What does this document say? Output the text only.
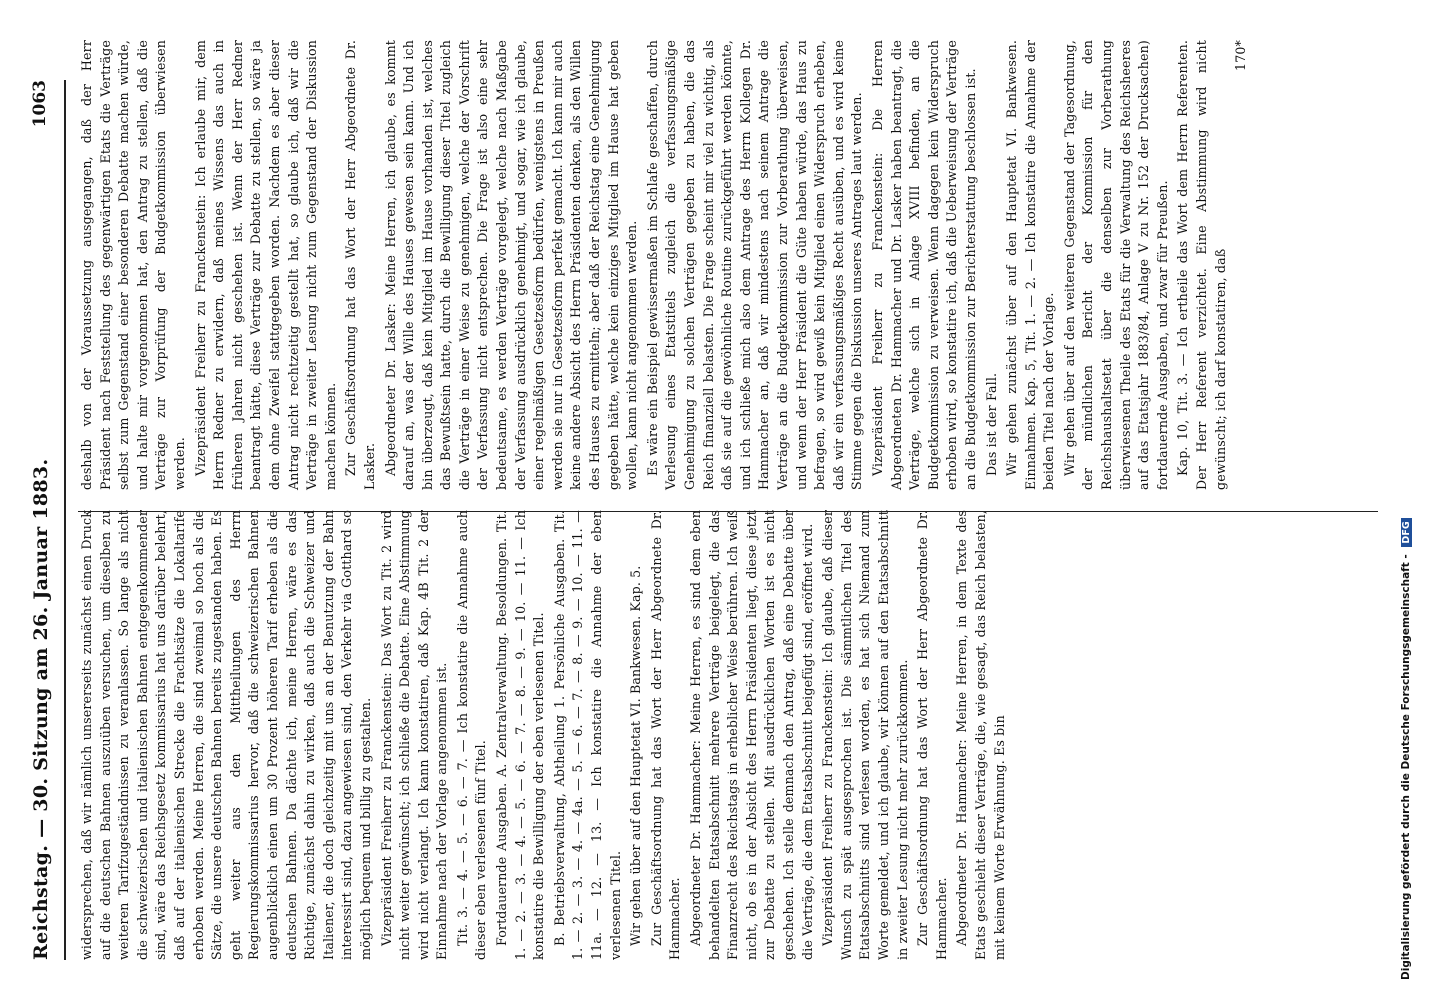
Reichstag. — 30. Sitzung am 26. Januar 1883.
1063

widersprechen, daß wir nämlich unsererseits zunächst einen Druck auf die deutschen Bahnen auszuüben versuchen, um dieselben zu weiteren Tarifzugeständnissen zu veranlassen. So lange als nicht die schweizerischen und italienischen Bahnen entgegenkommender sind, wäre das Reichsgesetz kommissarius hat uns darüber belehrt, daß auf der italienischen Strecke die Frachtsätze die Lokaltarife erhoben werden. Meine Herren, die sind zweimal so hoch als die Sätze, die unsere deutschen Bahnen bereits zugestanden haben. Es geht weiter aus den Mittheilungen des Herrn Regierungskommissarius hervor, daß die schweizerischen Bahnen augenblicklich einen um 30 Prozent höheren Tarif erheben als die deutschen Bahnen. Da dächte ich, meine Herren, wäre es das Richtige, zunächst dahin zu wirken, daß auch die Schweizer und Italiener, die doch gleichzeitig mit uns an der Benutzung der Bahn interessirt sind, dazu angewiesen sind, den Verkehr via Gotthard so möglich bequem und billig zu gestalten. Vizepräsident Freiherr zu Franckenstein: Das Wort zu Tit. 2 wird nicht weiter gewünscht; ich schließe die Debatte. Eine Abstimmung wird nicht verlangt. Ich kann konstatiren, daß Kap. 4B Tit. 2 der Einnahme nach der Vorlage angenommen ist. Tit. 3. — 4. — 5. — 6. — 7. — Ich konstatire die Annahme auch dieser eben verlesenen fünf Titel. Fortdauernde Ausgaben. A. Zentralverwaltung. Besoldungen. Tit. 1. — 2. — 3. — 4. — 5. — 6. — 7. — 8. — 9. — 10. — 11. — Ich konstatire die Bewilligung der eben verlesenen Titel. B. Betriebsverwaltung, Abtheilung 1. Persönliche Ausgaben. Tit. 1. — 2. — 3. — 4. — 4a. — 5. — 6. — 7. — 8. — 9. — 10. — 11. — 11a. — 12. — 13. — Ich konstatire die Annahme der eben verlesenen Titel. Wir gehen über auf den Hauptetat VI. Bankwesen. Kap. 5. Zur Geschäftsordnung hat das Wort der Herr Abgeordnete Dr. Hammacher. Abgeordneter Dr. Hammacher: Meine Herren, es sind dem eben behandelten Etatsabschnitt mehrere Verträge beigelegt, die das Finanzrecht des Reichstags in erheblicher Weise berühren. Ich weiß nicht, ob es in der Absicht des Herrn Präsidenten liegt, diese jetzt zur Debatte zu stellen. Mit ausdrücklichen Worten ist es nicht geschehen. Ich stelle demnach den Antrag, daß eine Debatte über die Verträge, die dem Etatsabschnitt beigefügt sind, eröffnet wird. Vizepräsident Freiherr zu Franckenstein: Ich glaube, daß dieser Wunsch zu spät ausgesprochen ist. Die sämmtlichen Titel des Etatsabschnitts sind verlesen worden, es hat sich Niemand zum Worte gemeldet, und ich glaube, wir können auf den Etatsabschnitt in zweiter Lesung nicht mehr zurückkommen. Zur Geschäftsordnung hat das Wort der Herr Abgeordnete Dr. Hammacher. Abgeordneter Dr. Hammacher: Meine Herren, in dem Texte des Etats geschieht dieser Verträge, die, wie gesagt, das Reich belasten, mit keinem Worte Erwähnung. Es bin

deshalb von der Voraussetzung ausgegangen, daß der Herr Präsident nach Feststellung des gegenwärtigen Etats die Verträge selbst zum Gegenstand einer besonderen Debatte machen würde, und halte mir vorgenommen hat, den Antrag zu stellen, daß die Verträge zur Vorprüfung der Budgetkommission überwiesen werden. Vizepräsident Freiherr zu Franckenstein: Ich erlaube mir, dem Herrn Redner zu erwidern, daß meines Wissens das auch in früheren Jahren nicht geschehen ist. Wenn der Herr Redner beantragt hätte, diese Verträge zur Debatte zu stellen, so wäre ja dem ohne Zweifel stattgegeben worden. Nachdem es aber dieser Antrag nicht rechtzeitig gestellt hat, so glaube ich, daß wir die Verträge in zweiter Lesung nicht zum Gegenstand der Diskussion machen können. Zur Geschäftsordnung hat das Wort der Herr Abgeordnete Dr. Lasker. Abgeordneter Dr. Lasker: Meine Herren, ich glaube, es kommt darauf an, was der Wille des Hauses gewesen sein kann. Und ich bin überzeugt, daß kein Mitglied im Hause vorhanden ist, welches das Bewußtsein hatte, durch die Bewilligung dieser Titel zugleich die Verträge in einer Weise zu genehmigen, welche der Vorschrift der Verfassung nicht entsprechen. Die Frage ist also eine sehr bedeutsame, es werden Verträge vorgelegt, welche nach Maßgabe der Verfassung ausdrücklich genehmigt, und sogar, wie ich glaube, einer regelmäßigen Gesetzesform bedürfen, wenigstens in Preußen werden sie nur in Gesetzesform perfekt gemacht. Ich kann mir auch keine andere Absicht des Herrn Präsidenten denken, als den Willen des Hauses zu ermitteln; aber daß der Reichstag eine Genehmigung gegeben hätte, welche kein einziges Mitglied im Hause hat geben wollen, kann nicht angenommen werden. Es wäre ein Beispiel gewissermaßen im Schlafe geschaffen, durch Verlesung eines Etatstitels zugleich die verfassungsmäßige Genehmigung zu solchen Verträgen gegeben zu haben, die das Reich finanziell belasten. Die Frage scheint mir viel zu wichtig, als daß sie auf die gewöhnliche Routine zurückgeführt werden könnte, und ich schließe mich also dem Antrage des Herrn Kollegen Dr. Hammacher an, daß wir mindestens nach seinem Antrage die Verträge an die Budgetkommission zur Vorberathung überweisen, und wenn der Herr Präsident die Güte haben würde, das Haus zu befragen, so wird gewiß kein Mitglied einen Widerspruch erheben, daß wir ein verfassungsmäßiges Recht ausüben, und es wird keine Stimme gegen die Diskussion unseres Antrages laut werden. Vizepräsident Freiherr zu Franckenstein: Die Herren Abgeordneten Dr. Hammacher und Dr. Lasker haben beantragt, die Verträge, welche sich in Anlage XVIII befinden, an die Budgetkommission zu verweisen. Wenn dagegen kein Widerspruch erhoben wird, so konstatire ich, daß die Ueberweisung der Verträge an die Budgetkommission zur Berichterstattung beschlossen ist. Das ist der Fall. Wir gehen zunächst über auf den Hauptetat VI. Bankwesen. Einnahmen. Kap. 5, Tit. 1. — 2. — Ich konstatire die Annahme der beiden Titel nach der Vorlage. Wir gehen über auf den weiteren Gegenstand der Tagesordnung, der mündlichen Bericht der Kommission für den Reichshaushaltsetat über die denselben zur Vorberathung überwiesenen Theile des Etats für die Verwaltung des Reichsheeres auf das Etatsjahr 1883/84, Anlage V zu Nr. 152 der Drucksachen) fortdauernde Ausgaben, und zwar für Preußen. Kap. 10, Tit. 3. — Ich ertheile das Wort dem Herrn Referenten. Der Herr Referent verzichtet. Eine Abstimmung wird nicht gewünscht; ich darf konstatiren, daß

170*

Digitalisierung gefördert durch die Deutsche Forschungsgemeinschaft - DFG
